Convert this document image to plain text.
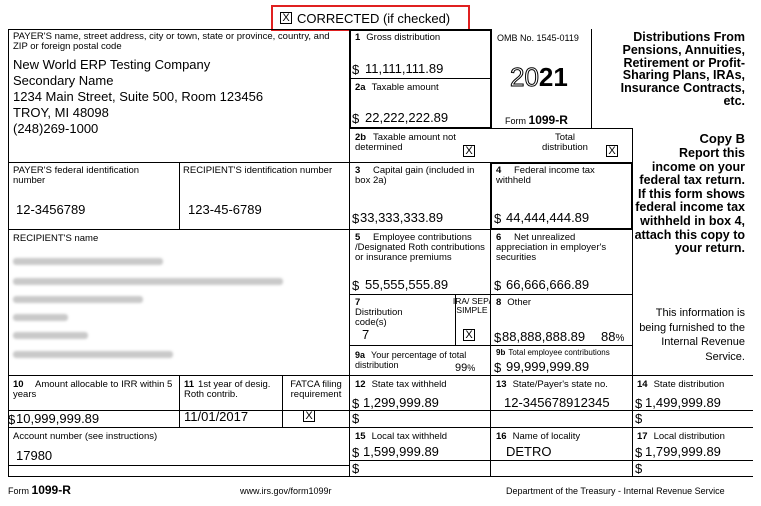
X CORRECTED (if checked)
PAYER'S name, street address, city or town, state or province, country, and ZIP or foreign postal code
New World ERP Testing Company
Secondary Name
1234 Main Street, Suite 500, Room 123456
TROY, MI 48098
(248)269-1000
1 Gross distribution
$ 11,111,111.89
2a Taxable amount
$ 22,222,222.89
OMB No. 1545-0119
2021
Form 1099-R
Distributions From Pensions, Annuities, Retirement or Profit-Sharing Plans, IRAs, Insurance Contracts, etc.
2b Taxable amount not determined	X
Total distribution	X
Copy B
Report this income on your federal tax return. If this form shows federal income tax withheld in box 4, attach this copy to your return.
This information is being furnished to the Internal Revenue Service.
PAYER'S federal identification number
12-3456789
RECIPIENT'S identification number
123-45-6789
3	Capital gain (included in box 2a)
$ 33,333,333.89
4	Federal income tax withheld
$ 44,444,444.89
RECIPIENT'S name	5	Employee contributions /Designated Roth contributions or insurance premiums
$ 55,555,555.89
6	Net unrealized appreciation in employer's securities
$ 66,666,666.89
7
Distribution code(s)
7
IRA/ SEP/ SIMPLE
X
8 Other
$ 88,888,888.89 88%
9a Your percentage of total distribution	99%
9b Total employee contributions
$ 99,999,999.89
10	Amount allocable to IRR within 5 years
$ 10,999,999.89
11 1st year of desig. Roth contrib.
11/01/2017
FATCA filing requirement
X
12 State tax withheld
$ 1,299,999.89
$
13 State/Payer's state no.
12-345678912345
14 State distribution
$ 1,499,999.89
$
Account number (see instructions)
17980
15 Local tax withheld
$ 1,599,999.89
$
16 Name of locality
DETRO
17 Local distribution
$ 1,799,999.89
$
Form 1099-R	www.irs.gov/form1099r	Department of the Treasury - Internal Revenue Service
